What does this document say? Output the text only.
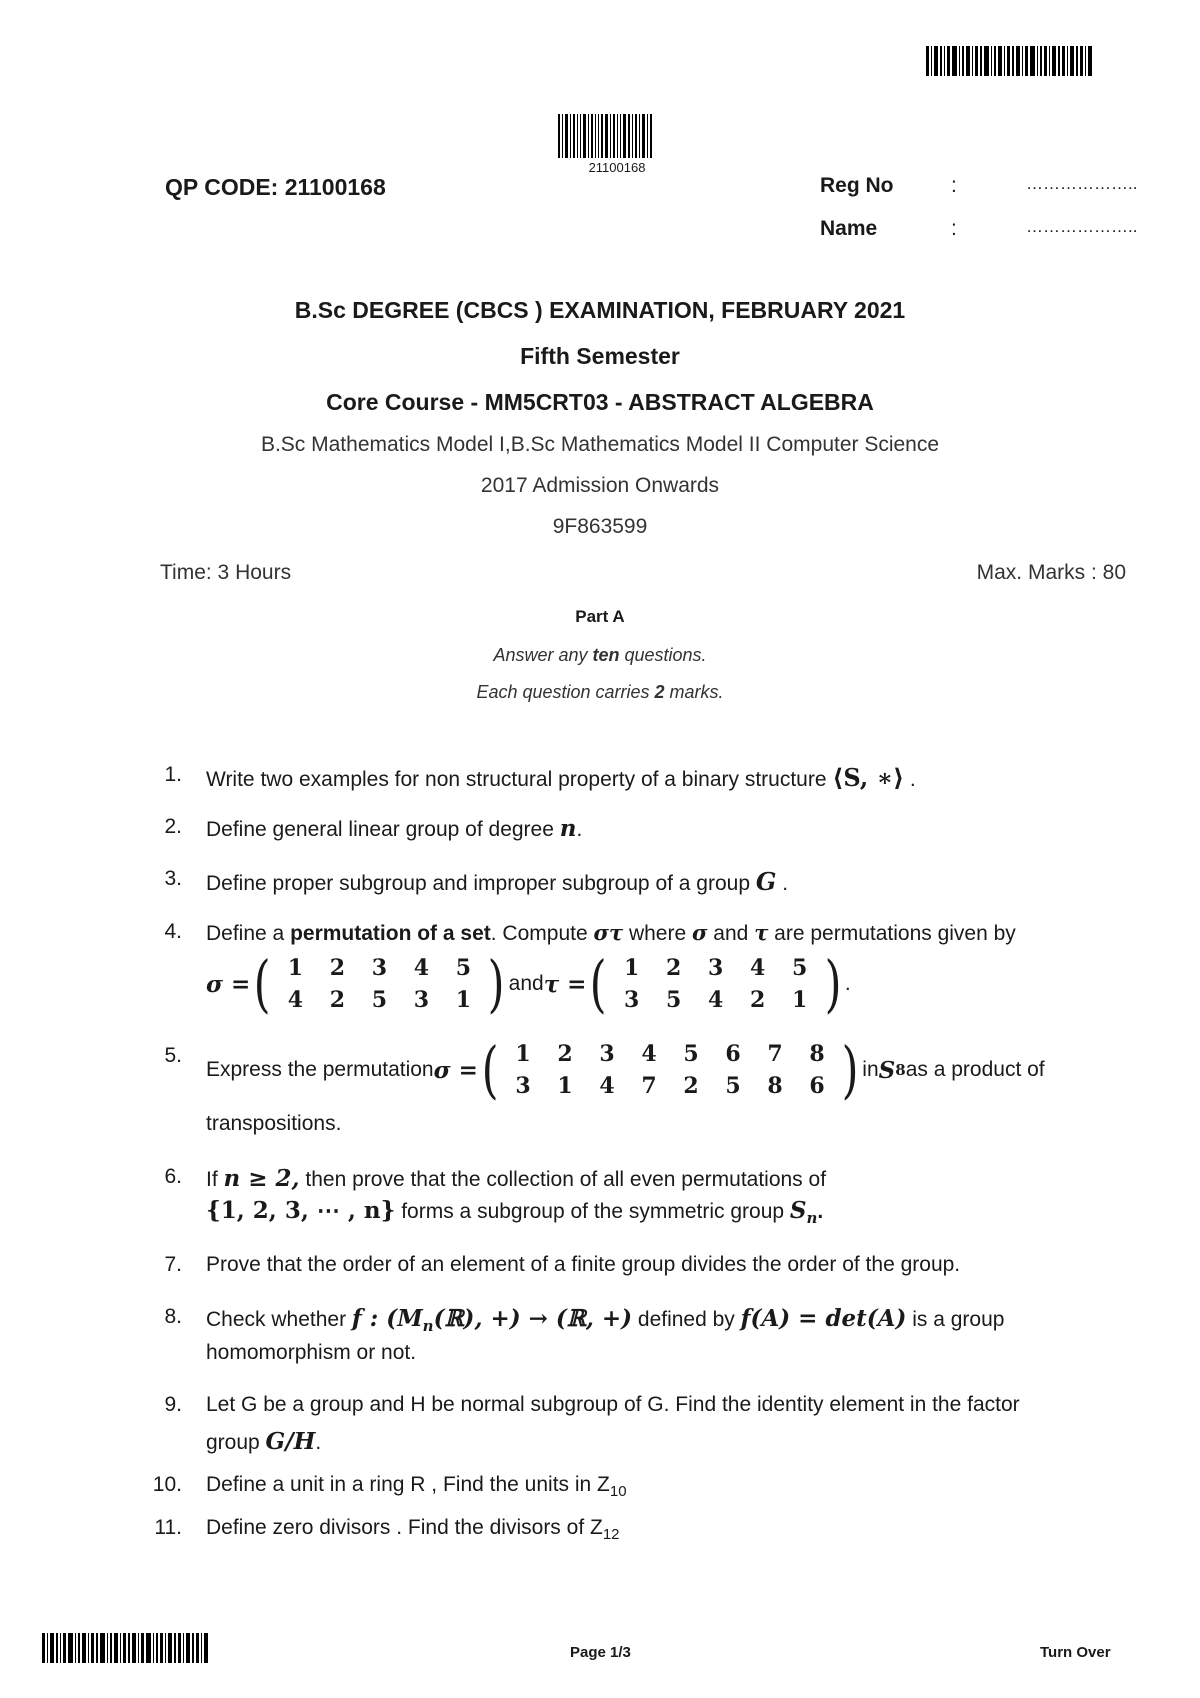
21100168
QP CODE: 21100168	Reg No	:	………………..
Name	:	………………..
B.Sc DEGREE (CBCS ) EXAMINATION, FEBRUARY 2021
Fifth Semester
Core Course - MM5CRT03 - ABSTRACT ALGEBRA
B.Sc Mathematics Model I,B.Sc Mathematics Model II Computer Science
2017 Admission Onwards
9F863599
Time: 3 Hours	Max. Marks : 80
Part A
Answer any ten questions.
Each question carries 2 marks.
1. Write two examples for non structural property of a binary structure ⟨S, ∗⟩ .
2. Define general linear group of degree n.
3. Define proper subgroup and improper subgroup of a group G .
4. Define a permutation of a set. Compute στ where σ and τ are permutations given by
σ = ( 1	2	3	4	5
4	2	5	3	1 ) and τ = ( 1	2	3	4	5
3	5	4	2	1 ) .
5.
Express the permutation σ = ( 1	2	3	4	5	6	7	8
3	1	4	7	2	5	8	6 ) in S 8 as a product of
transpositions.
6. If n ≥ 2, then prove that the collection of all even permutations of
{1, 2, 3, ⋯ , n} forms a subgroup of the symmetric group $S_n$.
7. Prove that the order of an element of a finite group divides the order of the group.
8. Check whether f : ($M_n(ℝ)$, +) → (ℝ, +) defined by f(A) = det(A) is a group
homomorphism or not.
9. Let G be a group and H be normal subgroup of G. Find the identity element in the factor
group G/H.
10. Define a unit in a ring R , Find the units in $Z_{10}$
11. Define zero divisors . Find the divisors of $Z_{12}$
Page 1/3	Turn Over
